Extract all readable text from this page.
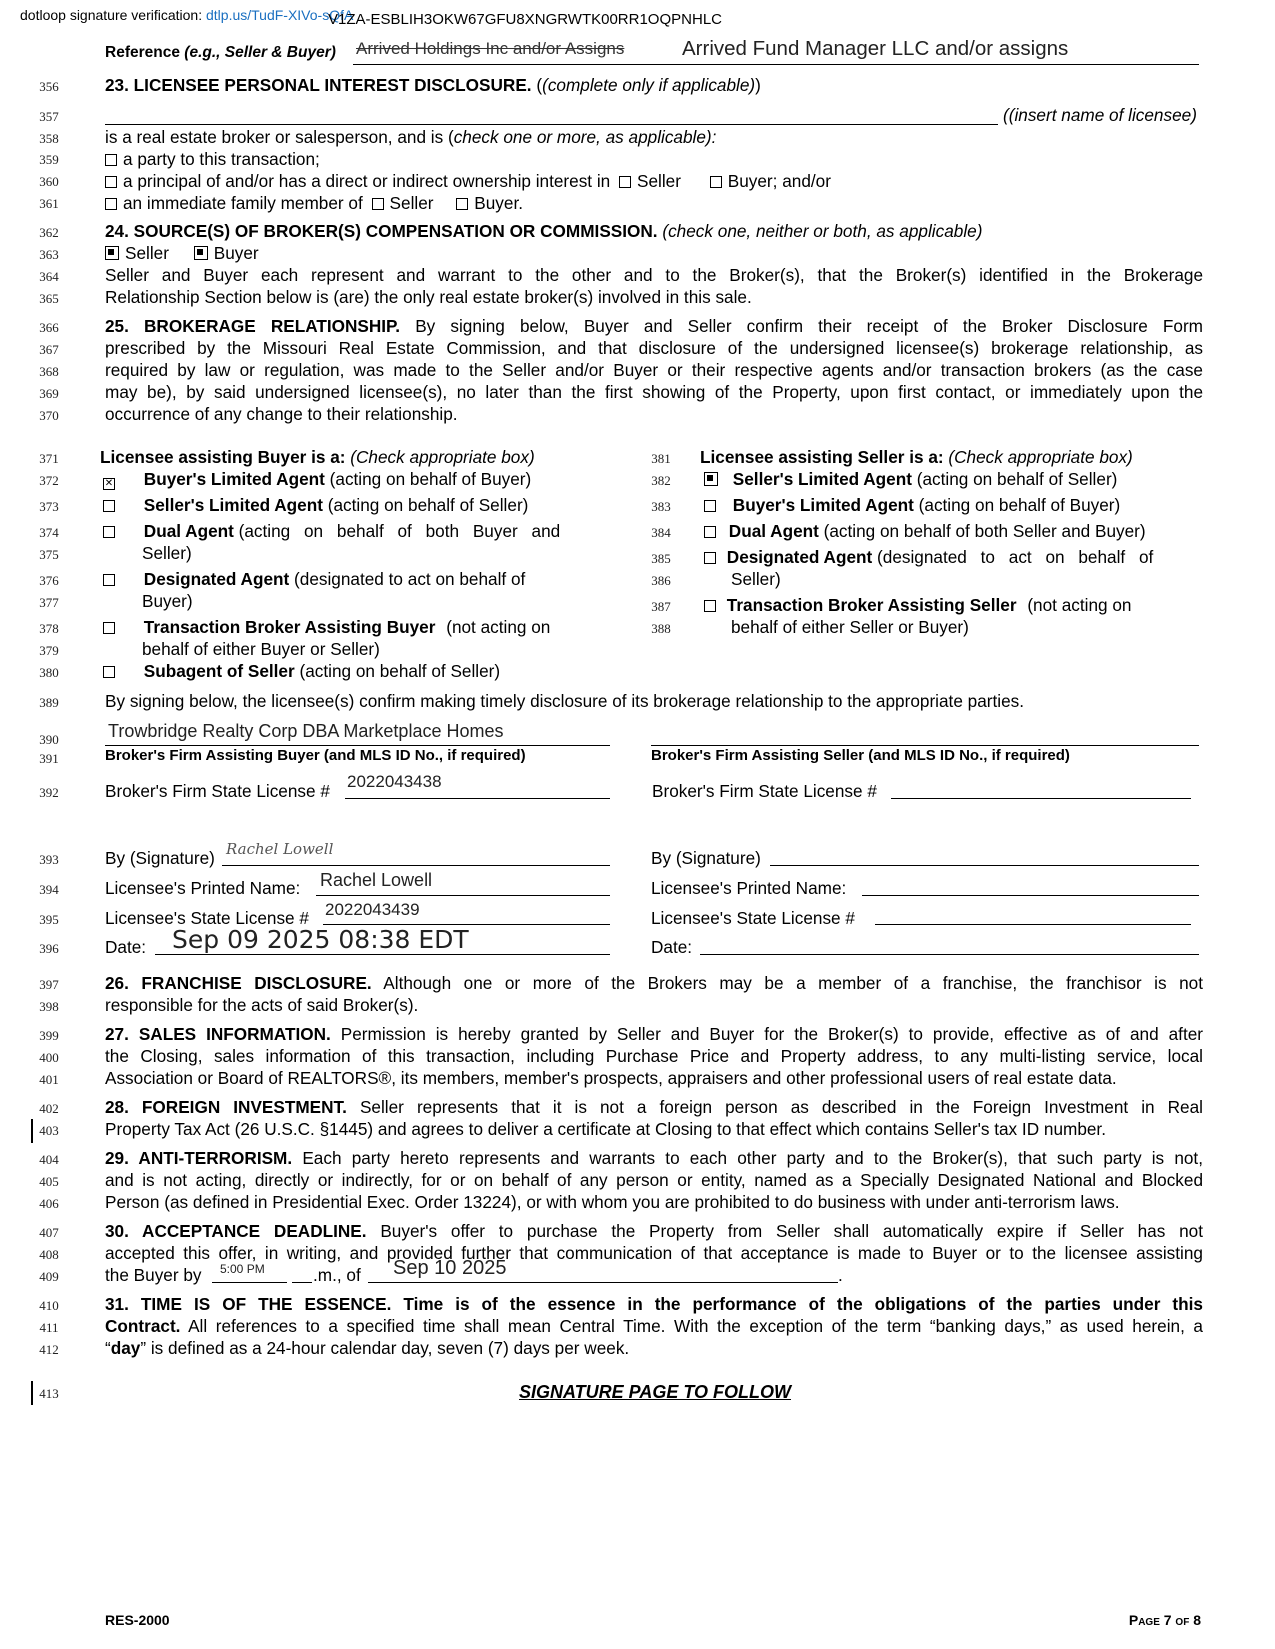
dotloop signature verification: dtlp.us/TudF-XIVo-sQfA
V1ZA-ESBLIH3OKW67GFU8XNGRWTK00RR1OQPNHLC
Reference (e.g., Seller & Buyer) Arrived Holdings Inc and/or Assigns	Arrived Fund Manager LLC and/or assigns
356
357
358
359
360
361
362
363
364
365
366
367
368
369
370
371
372
373
374
375
376
377
378
379
380
381
382
383
384
385
386
387
388
389
390
391
392
393
394
395
396
397
398
399
400
401
402
403
404
405
406
407
408
409
410
411
412
413
23. LICENSEE PERSONAL INTEREST DISCLOSURE. ((complete only if applicable))
((insert name of licensee)
is a real estate broker or salesperson, and is (check one or more, as applicable):
a party to this transaction;
a principal of and/or has a direct or indirect ownership interest in Seller	Buyer; and/or
an immediate family member of Seller Buyer.
24. SOURCE(S) OF BROKER(S) COMPENSATION OR COMMISSION. (check one, neither or both, as applicable)
Seller	Buyer
Seller and Buyer each represent and warrant to the other and to the Broker(s), that the Broker(s) identified in the Brokerage
Relationship Section below is (are) the only real estate broker(s) involved in this sale.
25. BROKERAGE RELATIONSHIP. By signing below, Buyer and Seller confirm their receipt of the Broker Disclosure Form
prescribed by the Missouri Real Estate Commission, and that disclosure of the undersigned licensee(s) brokerage relationship, as
required by law or regulation, was made to the Seller and/or Buyer or their respective agents and/or transaction brokers (as the case
may be), by said undersigned licensee(s), no later than the first showing of the Property, upon first contact, or immediately upon the
occurrence of any change to their relationship.
Licensee assisting Buyer is a: (Check appropriate box)
✕ Buyer's Limited Agent (acting on behalf of Buyer)
Seller's Limited Agent (acting on behalf of Seller)
Dual Agent (acting on behalf of both Buyer and
Seller)
Designated Agent (designated to act on behalf of
Buyer)
Transaction Broker Assisting Buyer (not acting on
behalf of either Buyer or Seller)
Subagent of Seller (acting on behalf of Seller)
Licensee assisting Seller is a: (Check appropriate box)
Seller's Limited Agent (acting on behalf of Seller)
Buyer's Limited Agent (acting on behalf of Buyer)
Dual Agent (acting on behalf of both Seller and Buyer)
Designated Agent (designated to act on behalf of
Seller)
Transaction Broker Assisting Seller (not acting on
behalf of either Seller or Buyer)
By signing below, the licensee(s) confirm making timely disclosure of its brokerage relationship to the appropriate parties.
Trowbridge Realty Corp DBA Marketplace Homes
Broker's Firm Assisting Buyer (and MLS ID No., if required)
Broker's Firm State License # 2022043438
By (Signature) Rachel Lowell
Licensee's Printed Name: Rachel Lowell
Licensee's State License # 2022043439
Date: Sep 09 2025 08:38 EDT
Broker's Firm Assisting Seller (and MLS ID No., if required)
Broker's Firm State License #
By (Signature)
Licensee's Printed Name:
Licensee's State License #
Date:
26. FRANCHISE DISCLOSURE. Although one or more of the Brokers may be a member of a franchise, the franchisor is not
responsible for the acts of said Broker(s).
27. SALES INFORMATION. Permission is hereby granted by Seller and Buyer for the Broker(s) to provide, effective as of and after
the Closing, sales information of this transaction, including Purchase Price and Property address, to any multi-listing service, local
Association or Board of REALTORS®, its members, member's prospects, appraisers and other professional users of real estate data.
28. FOREIGN INVESTMENT. Seller represents that it is not a foreign person as described in the Foreign Investment in Real
Property Tax Act (26 U.S.C. §1445) and agrees to deliver a certificate at Closing to that effect which contains Seller's tax ID number.
29. ANTI-TERRORISM. Each party hereto represents and warrants to each other party and to the Broker(s), that such party is not,
and is not acting, directly or indirectly, for or on behalf of any person or entity, named as a Specially Designated National and Blocked
Person (as defined in Presidential Exec. Order 13224), or with whom you are prohibited to do business with under anti-terrorism laws.
30. ACCEPTANCE DEADLINE. Buyer's offer to purchase the Property from Seller shall automatically expire if Seller has not
accepted this offer, in writing, and provided further that communication of that acceptance is made to Buyer or to the licensee assisting
the Buyer by 5:00 PM	.m., of Sep 10 2025	.
31. TIME IS OF THE ESSENCE. Time is of the essence in the performance of the obligations of the parties under this
Contract. All references to a specified time shall mean Central Time. With the exception of the term “banking days,” as used herein, a
“day” is defined as a 24-hour calendar day, seven (7) days per week.
SIGNATURE PAGE TO FOLLOW
RES-2000	Page 7 of 8
